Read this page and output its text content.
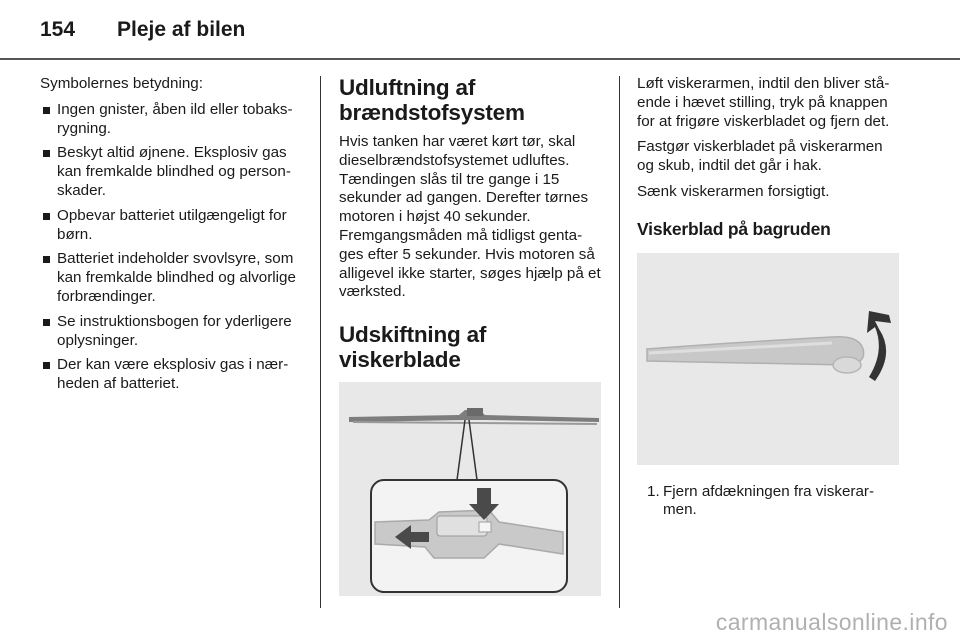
154 Pleje af bilen

Symbolernes betydning:

Ingen gnister, åben ild eller tobaksrygning.
Beskyt altid øjnene. Eksplosiv gas kan fremkalde blindhed og personskader.
Opbevar batteriet utilgængeligt for børn.
Batteriet indeholder svovlsyre, som kan fremkalde blindhed og alvorlige forbrændinger.
Se instruktionsbogen for yderligere oplysninger.
Der kan være eksplosiv gas i nærheden af batteriet.
Udluftning af brændstofsystem

Hvis tanken har været kørt tør, skal dieselbrændstofsystemet udluftes. Tændingen slås til tre gange i 15 sekunder ad gangen. Derefter tørnes motoren i højst 40 sekunder. Fremgangsmåden må tidligst gentages efter 5 sekunder. Hvis motoren så alligevel ikke starter, søges hjælp på et værksted.

Udskiftning af viskerblade

Løft viskerarmen, indtil den bliver stående i hævet stilling, tryk på knappen for at frigøre viskerbladet og fjern det.

Fastgør viskerbladet på viskerarmen og skub, indtil det går i hak.

Sænk viskerarmen forsigtigt.

Viskerblad på bagruden
1. Fjern afdækningen fra viskerarmen.
carmanualsonline.info
